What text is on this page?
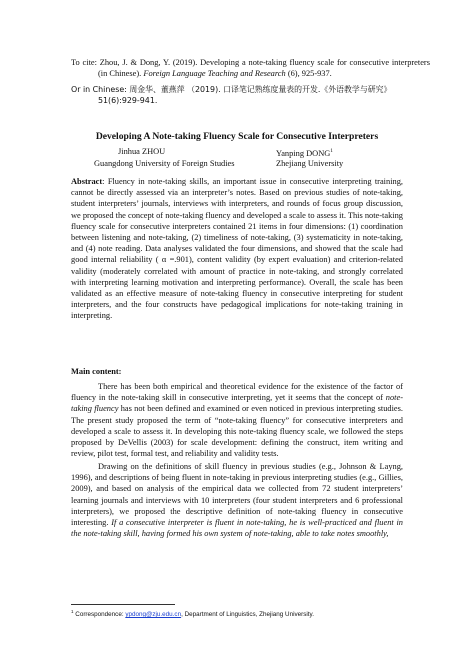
To cite: Zhou, J. & Dong, Y. (2019). Developing a note-taking fluency scale for consecutive interpreters (in Chinese). Foreign Language Teaching and Research (6), 925-937.
Or in Chinese: 周金华、董燕萍 （2019). 口译笔记熟练度量表的开发.《外语教学与研究》 51(6):929-941.
Developing A Note-taking Fluency Scale for Consecutive Interpreters
Jinhua ZHOU	Yanping DONG$^1$
Guangdong University of Foreign Studies	Zhejiang University
Abstract: Fluency in note-taking skills, an important issue in consecutive interpreting training, cannot be directly assessed via an interpreter’s notes. Based on previous studies of note-taking, student interpreters’ journals, interviews with interpreters, and rounds of focus group discussion, we proposed the concept of note-taking fluency and developed a scale to assess it. This note-taking fluency scale for consecutive interpreters contained 21 items in four dimensions: (1) coordination between listening and note-taking, (2) timeliness of note-taking, (3) systematicity in note-taking, and (4) note reading. Data analyses validated the four dimensions, and showed that the scale had good internal reliability ( α =.901), content validity (by expert evaluation) and criterion-related validity (moderately correlated with amount of practice in note-taking, and strongly correlated with interpreting learning motivation and interpreting performance). Overall, the scale has been validated as an effective measure of note-taking fluency in consecutive interpreting for student interpreters, and the four constructs have pedagogical implications for note-taking training in interpreting.
Main content:
There has been both empirical and theoretical evidence for the existence of the factor of fluency in the note-taking skill in consecutive interpreting, yet it seems that the concept of note-taking fluency has not been defined and examined or even noticed in previous interpreting studies. The present study proposed the term of “note-taking fluency” for consecutive interpreters and developed a scale to assess it. In developing this note-taking fluency scale, we followed the steps proposed by DeVellis (2003) for scale development: defining the construct, item writing and review, pilot test, formal test, and reliability and validity tests.
Drawing on the definitions of skill fluency in previous studies (e.g., Johnson & Layng, 1996), and descriptions of being fluent in note-taking in previous interpreting studies (e.g., Gillies, 2009), and based on analysis of the empirical data we collected from 72 student interpreters’ learning journals and interviews with 10 interpreters (four student interpreters and 6 professional interpreters), we proposed the descriptive definition of note-taking fluency in consecutive interesting. If a consecutive interpreter is fluent in note-taking, he is well-practiced and fluent in the note-taking skill, having formed his own system of note-taking, able to take notes smoothly,
$^1$ Correspondence: ypdong@zju.edu.cn, Department of Linguistics, Zhejiang University.
